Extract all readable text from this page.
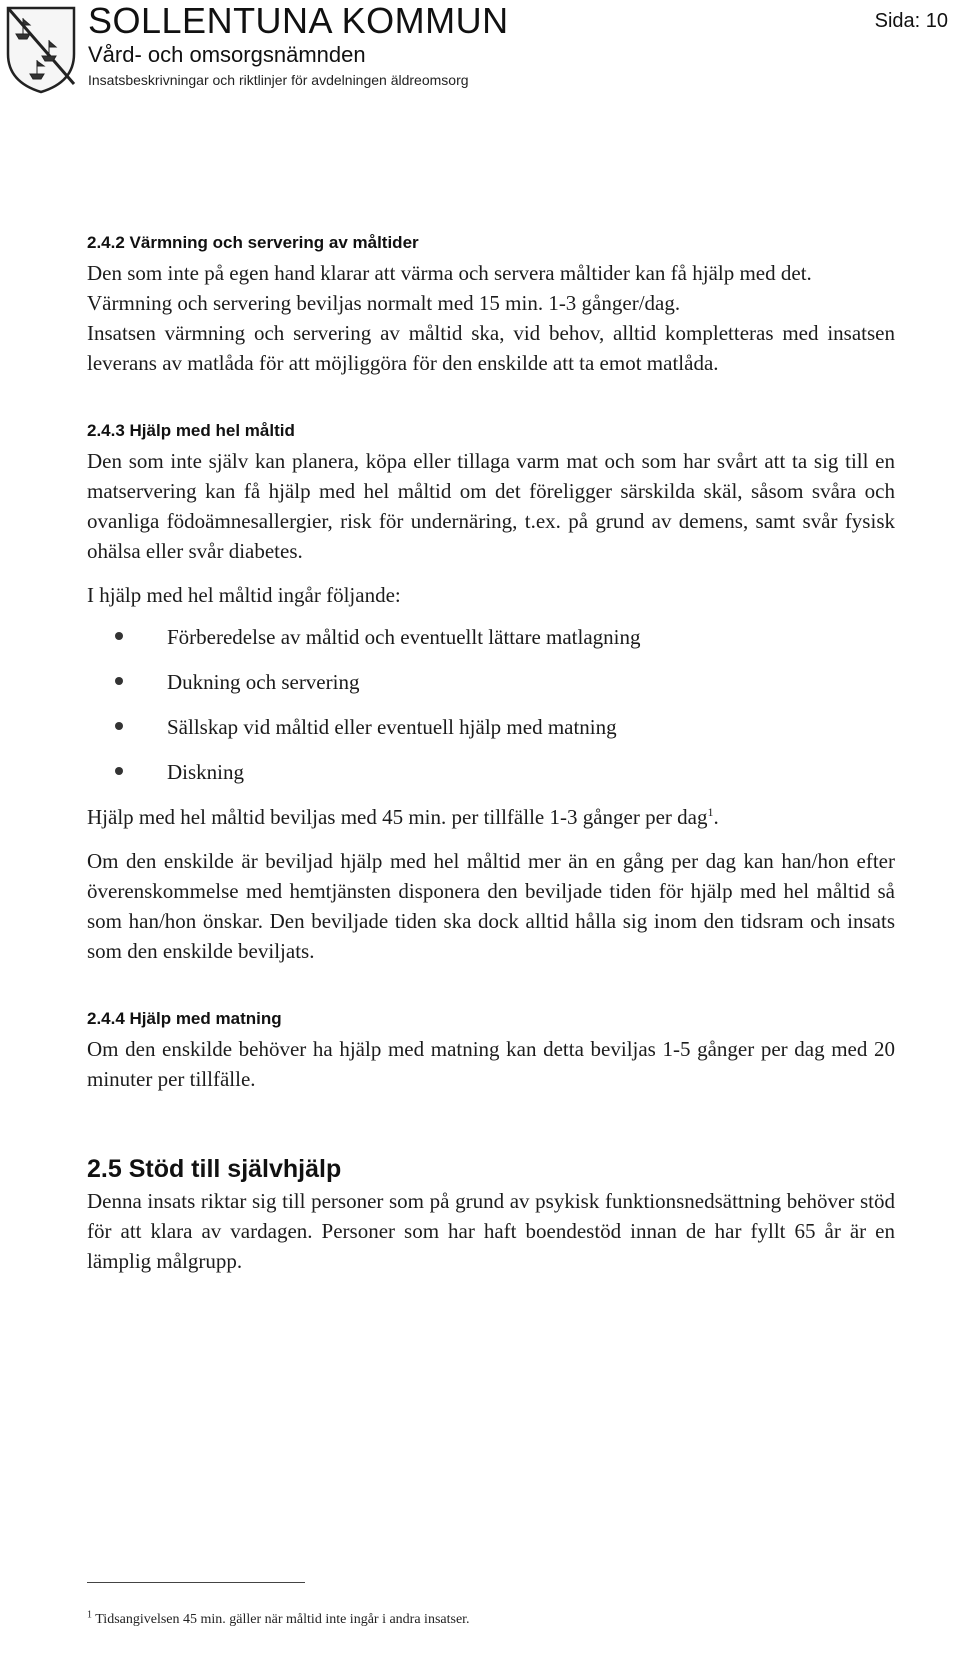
SOLLENTUNA KOMMUN
Vård- och omsorgsnämnden
Insatsbeskrivningar och riktlinjer för avdelningen äldreomsorg
Sida: 10
2.4.2 Värmning och servering av måltider

Den som inte på egen hand klarar att värma och servera måltider kan få hjälp med det.

Värmning och servering beviljas normalt med 15 min. 1-3 gånger/dag.

Insatsen värmning och servering av måltid ska, vid behov, alltid kompletteras med insatsen leverans av matlåda för att möjliggöra för den enskilde att ta emot matlåda.

2.4.3 Hjälp med hel måltid

Den som inte själv kan planera, köpa eller tillaga varm mat och som har svårt att ta sig till en matservering kan få hjälp med hel måltid om det föreligger särskilda skäl, såsom svåra och ovanliga födoämnesallergier, risk för undernäring, t.ex. på grund av demens, samt svår fysisk ohälsa eller svår diabetes.

I hjälp med hel måltid ingår följande:

Förberedelse av måltid och eventuellt lättare matlagning
Dukning och servering
Sällskap vid måltid eller eventuell hjälp med matning
Diskning

Hjälp med hel måltid beviljas med 45 min. per tillfälle 1-3 gånger per dag$^1$.

Om den enskilde är beviljad hjälp med hel måltid mer än en gång per dag kan han/hon efter överenskommelse med hemtjänsten disponera den beviljade tiden för hjälp med hel måltid så som han/hon önskar. Den beviljade tiden ska dock alltid hålla sig inom den tidsram och insats som den enskilde beviljats.

2.4.4 Hjälp med matning

Om den enskilde behöver ha hjälp med matning kan detta beviljas 1-5 gånger per dag med 20 minuter per tillfälle.

2.5 Stöd till självhjälp

Denna insats riktar sig till personer som på grund av psykisk funktionsnedsättning behöver stöd för att klara av vardagen. Personer som har haft boendestöd innan de har fyllt 65 år är en lämplig målgrupp.

$^1$ Tidsangivelsen 45 min. gäller när måltid inte ingår i andra insatser.
